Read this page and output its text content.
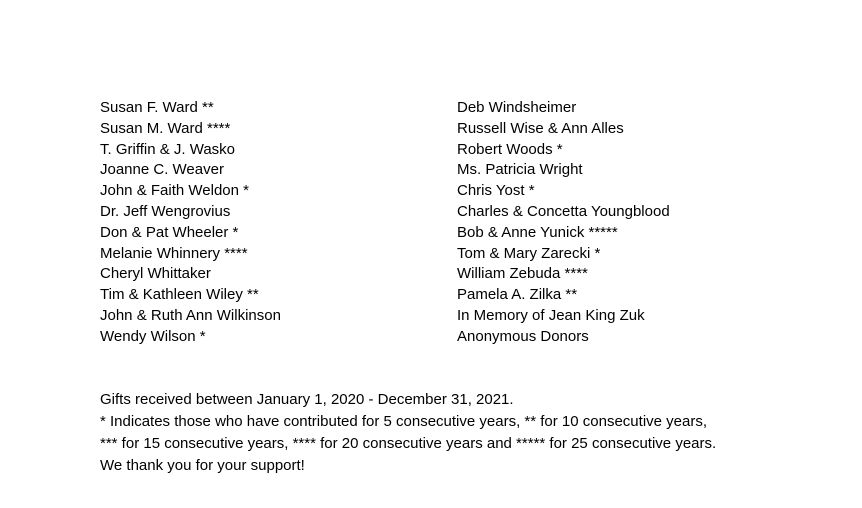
Susan F. Ward **
Susan M. Ward ****
T. Griffin & J. Wasko
Joanne C. Weaver
John & Faith Weldon *
Dr. Jeff Wengrovius
Don & Pat Wheeler *
Melanie Whinnery ****
Cheryl Whittaker
Tim & Kathleen Wiley **
John & Ruth Ann Wilkinson
Wendy Wilson *
Deb Windsheimer
Russell Wise & Ann Alles
Robert Woods *
Ms. Patricia Wright
Chris Yost *
Charles & Concetta Youngblood
Bob & Anne Yunick *****
Tom & Mary Zarecki *
William Zebuda ****
Pamela A. Zilka **
In Memory of Jean King Zuk
Anonymous Donors

Gifts received between January 1, 2020 - December 31, 2021.

* Indicates those who have contributed for 5 consecutive years, ** for 10 consecutive years,

*** for 15 consecutive years, **** for 20 consecutive years and ***** for 25 consecutive years.

We thank you for your support!
